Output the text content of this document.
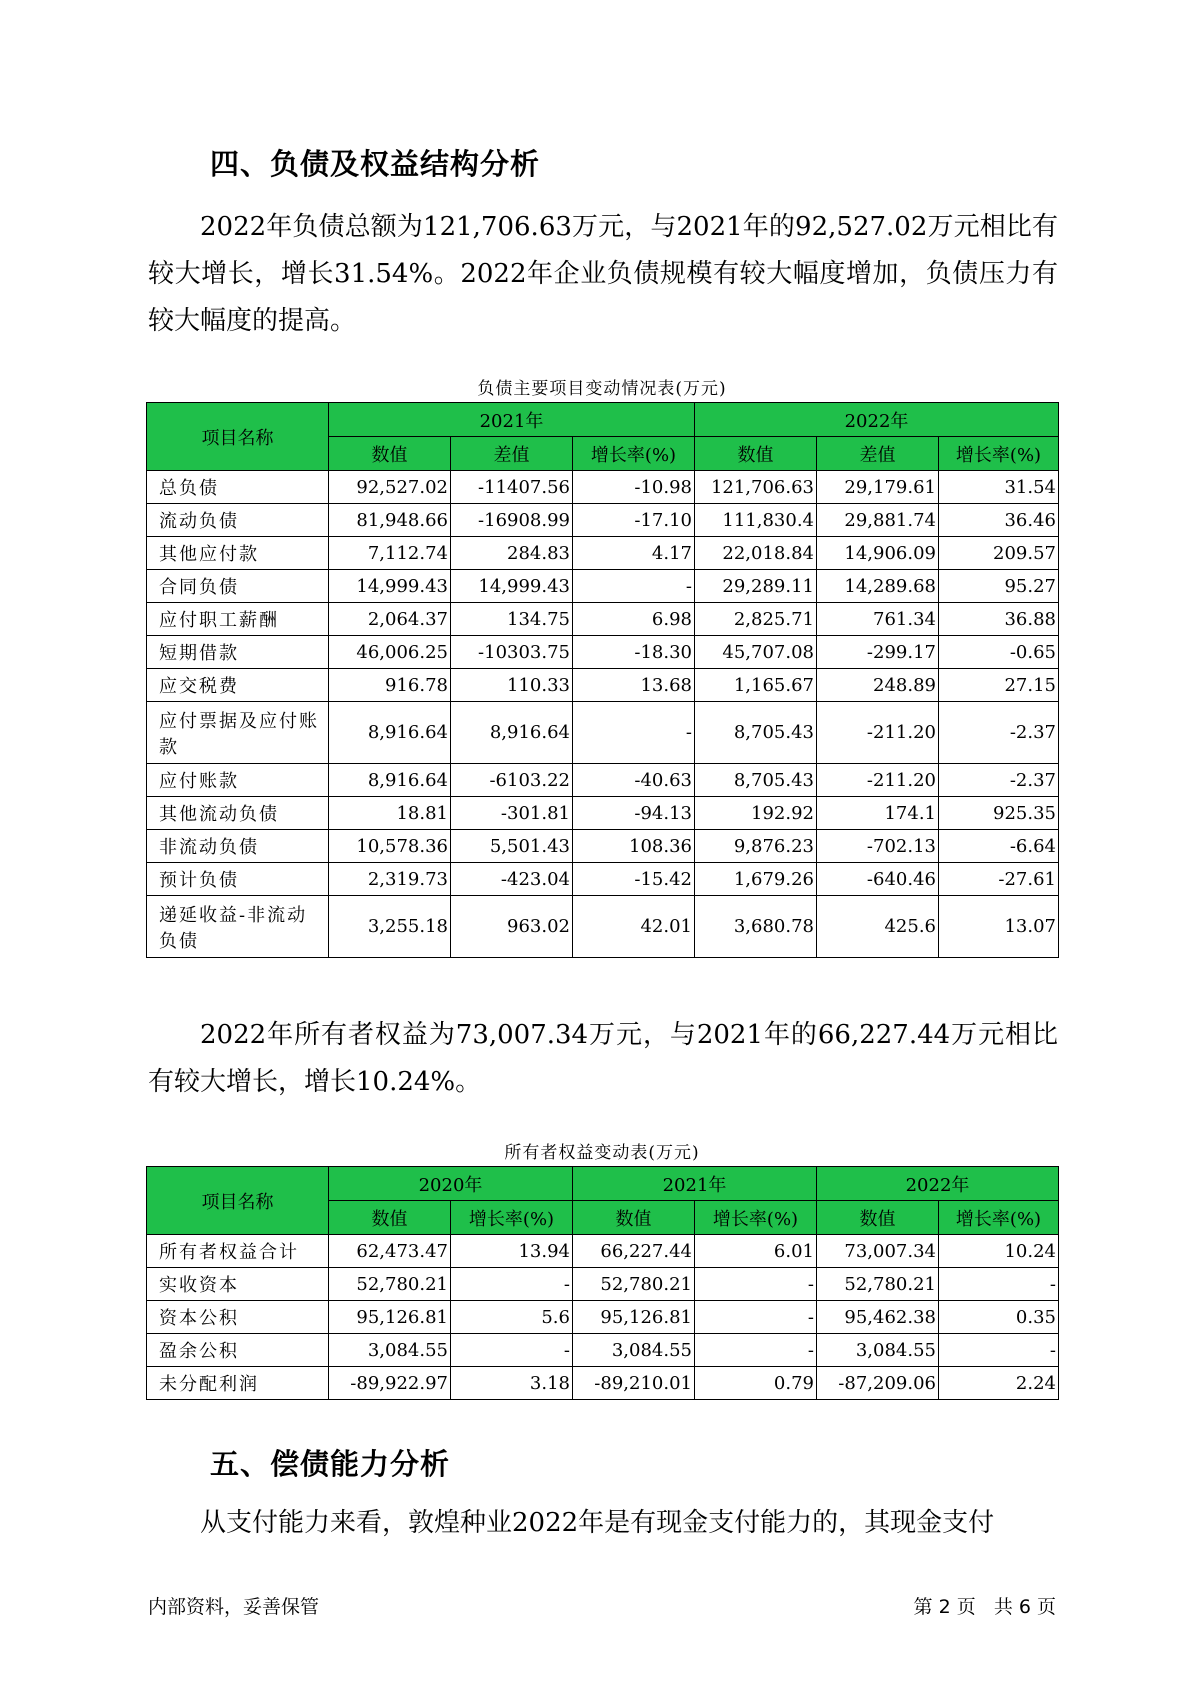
四、负债及权益结构分析

2022年负债总额为121,706.63万元，与2021年的92,527.02万元相比有较大增长，增长31.54%。2022年企业负债规模有较大幅度增加，负债压力有较大幅度的提高。

负债主要项目变动情况表(万元)
项目名称	2021年			2022年		
	数值	差值	增长率(%)	数值	差值	增长率(%)
总负债	92,527.02	-11407.56	-10.98	121,706.63	29,179.61	31.54
流动负债	81,948.66	-16908.99	-17.10	111,830.4	29,881.74	36.46
其他应付款	7,112.74	284.83	4.17	22,018.84	14,906.09	209.57
合同负债	14,999.43	14,999.43	-	29,289.11	14,289.68	95.27
应付职工薪酬	2,064.37	134.75	6.98	2,825.71	761.34	36.88
短期借款	46,006.25	-10303.75	-18.30	45,707.08	-299.17	-0.65
应交税费	916.78	110.33	13.68	1,165.67	248.89	27.15
应付票据及应付账款	8,916.64	8,916.64	-	8,705.43	-211.20	-2.37
应付账款	8,916.64	-6103.22	-40.63	8,705.43	-211.20	-2.37
其他流动负债	18.81	-301.81	-94.13	192.92	174.1	925.35
非流动负债	10,578.36	5,501.43	108.36	9,876.23	-702.13	-6.64
预计负债	2,319.73	-423.04	-15.42	1,679.26	-640.46	-27.61
递延收益-非流动负债	3,255.18	963.02	42.01	3,680.78	425.6	13.07

2022年所有者权益为73,007.34万元，与2021年的66,227.44万元相比有较大增长，增长10.24%。

所有者权益变动表(万元)
项目名称	2020年		2021年		2022年	
	数值	增长率(%)	数值	增长率(%)	数值	增长率(%)
所有者权益合计	62,473.47	13.94	66,227.44	6.01	73,007.34	10.24
实收资本	52,780.21	-	52,780.21	-	52,780.21	-
资本公积	95,126.81	5.6	95,126.81	-	95,462.38	0.35
盈余公积	3,084.55	-	3,084.55	-	3,084.55	-
未分配利润	-89,922.97	3.18	-89,210.01	0.79	-87,209.06	2.24
五、偿债能力分析

从支付能力来看，敦煌种业2022年是有现金支付能力的，其现金支付

内部资料，妥善保管	第 2 页   共 6 页
